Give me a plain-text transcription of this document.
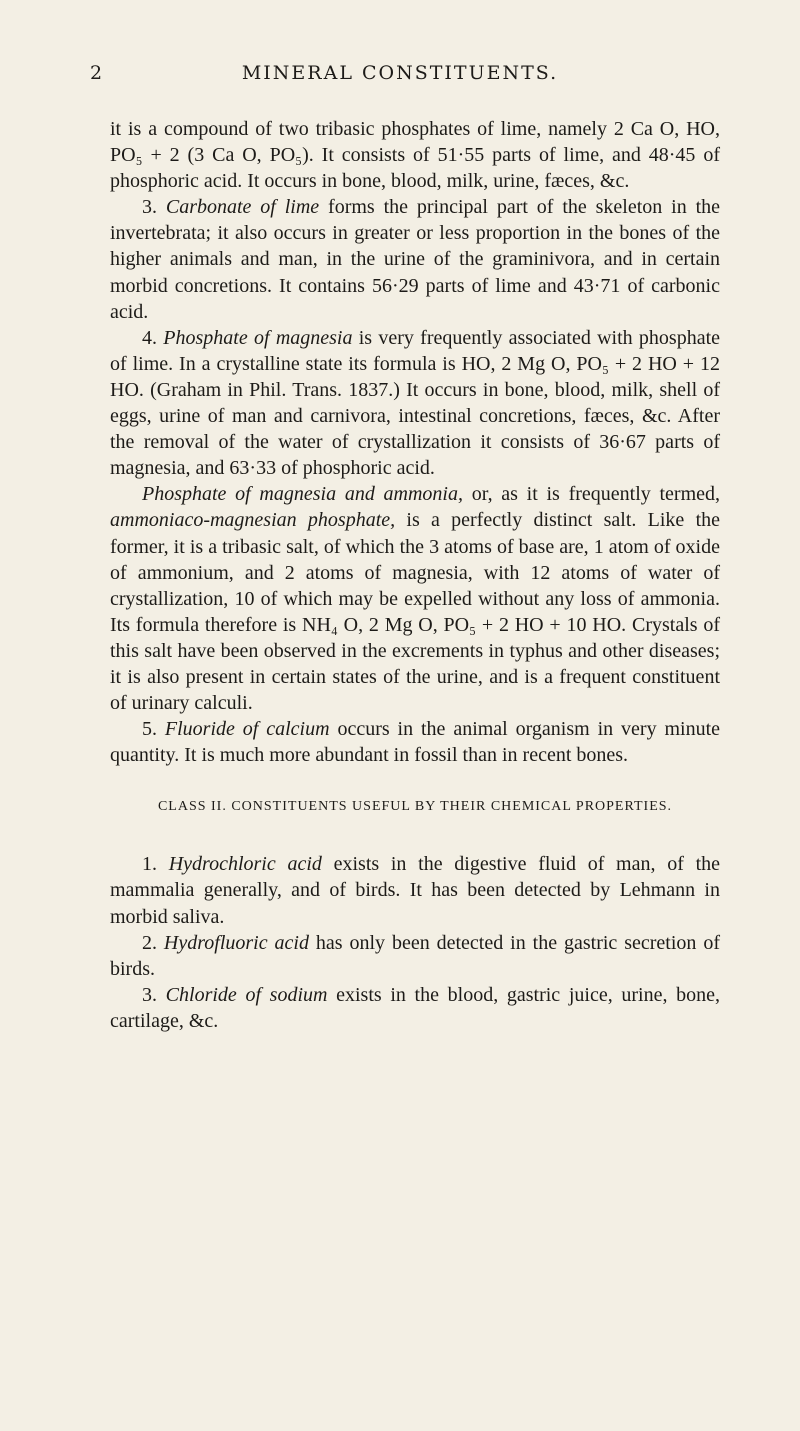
2	MINERAL CONSTITUENTS.

it is a compound of two tribasic phosphates of lime, namely 2 Ca O, HO, PO₅ + 2 (3 Ca O, PO₅). It consists of 51·55 parts of lime, and 48·45 of phosphoric acid. It occurs in bone, blood, milk, urine, fæces, &c.

3. Carbonate of lime forms the principal part of the skeleton in the invertebrata; it also occurs in greater or less proportion in the bones of the higher animals and man, in the urine of the graminivora, and in certain morbid concretions. It contains 56·29 parts of lime and 43·71 of carbonic acid.

4. Phosphate of magnesia is very frequently associated with phosphate of lime. In a crystalline state its formula is HO, 2 Mg O, PO₅ + 2 HO + 12 HO. (Graham in Phil. Trans. 1837.) It occurs in bone, blood, milk, shell of eggs, urine of man and carnivora, intestinal concretions, fæces, &c. After the removal of the water of crystallization it consists of 36·67 parts of magnesia, and 63·33 of phosphoric acid.

Phosphate of magnesia and ammonia, or, as it is frequently termed, ammoniaco-magnesian phosphate, is a perfectly distinct salt. Like the former, it is a tribasic salt, of which the 3 atoms of base are, 1 atom of oxide of ammonium, and 2 atoms of magnesia, with 12 atoms of water of crystallization, 10 of which may be expelled without any loss of ammonia. Its formula therefore is NH₄ O, 2 Mg O, PO₅ + 2 HO + 10 HO. Crystals of this salt have been observed in the excrements in typhus and other diseases; it is also present in certain states of the urine, and is a frequent constituent of urinary calculi.

5. Fluoride of calcium occurs in the animal organism in very minute quantity. It is much more abundant in fossil than in recent bones.

CLASS II. CONSTITUENTS USEFUL BY THEIR CHEMICAL PROPERTIES.

1. Hydrochloric acid exists in the digestive fluid of man, of the mammalia generally, and of birds. It has been detected by Lehmann in morbid saliva.

2. Hydrofluoric acid has only been detected in the gastric secretion of birds.

3. Chloride of sodium exists in the blood, gastric juice, urine, bone, cartilage, &c.
